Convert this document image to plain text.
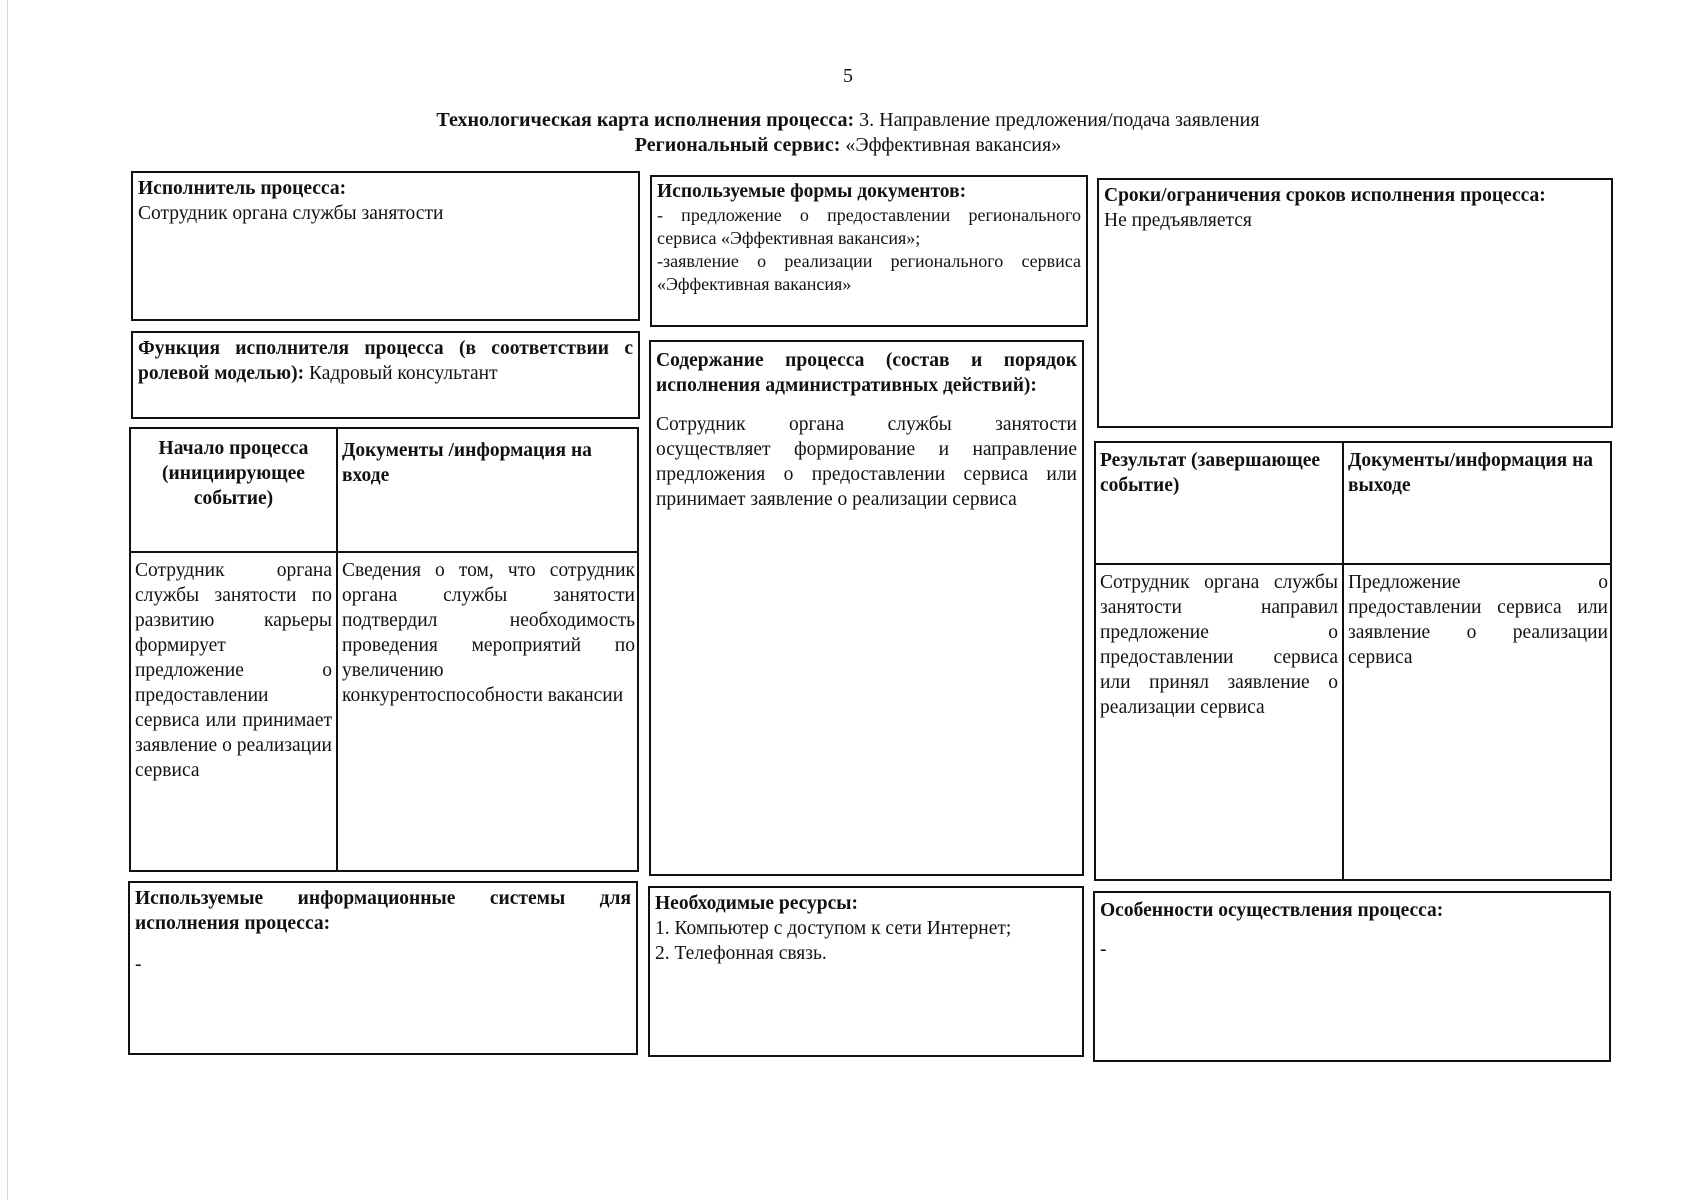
5
Технологическая карта исполнения процесса: 3. Направление предложения/подача заявления
Региональный сервис: «Эффективная вакансия»

Исполнитель процесса:

Сотрудник органа службы занятости

Используемые формы документов:

- предложение о предоставлении регионального сервиса «Эффективная вакансия»;

-заявление о реализации регионального сервиса «Эффективная вакансия»

Сроки/ограничения сроков исполнения процесса:

Не предъявляется

Функция исполнителя процесса (в соответствии с ролевой моделью): Кадровый консультант

Содержание процесса (состав и порядок исполнения административных действий):

Сотрудник органа службы занятости осуществляет формирование и направление предложения о предоставлении сервиса или принимает заявление о реализации сервиса

Начало процесса (инициирующее событие)
Документы /информация на входе
Сотрудник органа службы занятости по развитию карьеры формирует предложение о предоставлении сервиса или принимает заявление о реализации сервиса
Сведения о том, что сотрудник органа службы занятости подтвердил необходимость проведения мероприятий по увеличению конкурентоспособности вакансии
Результат (завершающее событие)
Документы/информация на выходе
Сотрудник органа службы занятости направил предложение о предоставлении сервиса или принял заявление о реализации сервиса
Предложение о предоставлении сервиса или заявление о реализации сервиса

Используемые информационные системы для исполнения процесса:

-

Необходимые ресурсы:

1. Компьютер с доступом к сети Интернет;

2. Телефонная связь.

Особенности осуществления процесса:

-
